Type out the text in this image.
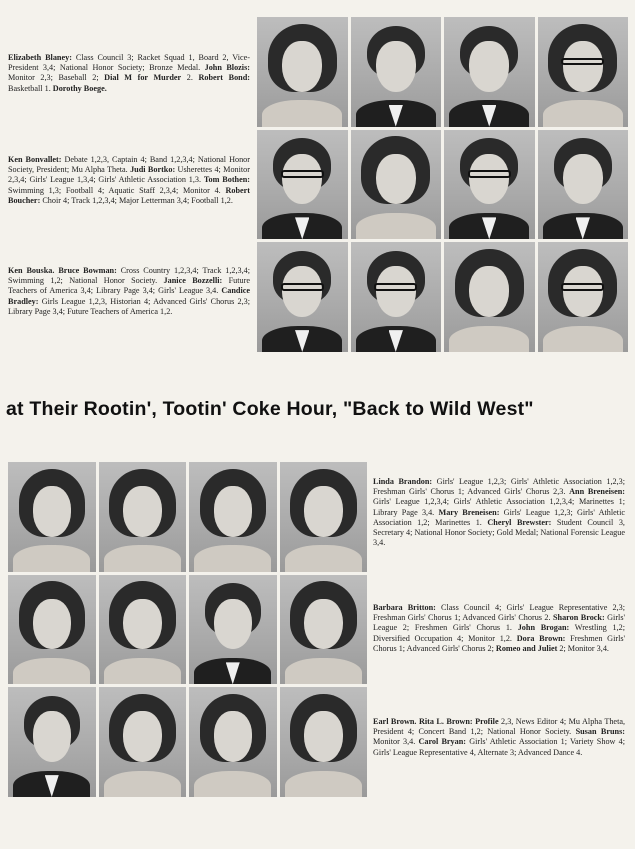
Elizabeth Blaney: Class Council 3; Racket Squad 1, Board 2, Vice-President 3,4; National Honor Society; Bronze Medal. John Blozis: Monitor 2,3; Baseball 2; Dial M for Murder 2. Robert Bond: Basketball 1. Dorothy Boege.
Ken Bonvallet: Debate 1,2,3, Captain 4; Band 1,2,3,4; National Honor Society, President; Mu Alpha Theta. Judi Bortko: Usherettes 4; Monitor 2,3,4; Girls' League 1,3,4; Girls' Athletic Association 1,3. Tom Bothen: Swimming 1,3; Football 4; Aquatic Staff 2,3,4; Monitor 4. Robert Boucher: Choir 4; Track 1,2,3,4; Major Letterman 3,4; Football 1,2.
Ken Bouska. Bruce Bowman: Cross Country 1,2,3,4; Track 1,2,3,4; Swimming 1,2; National Honor Society. Janice Bozzelli: Future Teachers of America 3,4; Library Page 3,4; Girls' League 3,4. Candice Bradley: Girls League 1,2,3, Historian 4; Advanced Girls' Chorus 2,3; Library Page 3,4; Future Teachers of America 1,2.
at Their Rootin', Tootin' Coke Hour, "Back to Wild West"
Linda Brandon: Girls' League 1,2,3; Girls' Athletic Association 1,2,3; Freshman Girls' Chorus 1; Advanced Girls' Chorus 2,3. Ann Breneisen: Girls' League 1,2,3,4; Girls' Athletic Association 1,2,3,4; Marinettes 1; Library Page 3,4. Mary Breneisen: Girls' League 1,2,3; Girls' Athletic Association 1,2; Marinettes 1. Cheryl Brewster: Student Council 3, Secretary 4; National Honor Society; Gold Medal; National Forensic League 3,4.
Barbara Britton: Class Council 4; Girls' League Representative 2,3; Freshman Girls' Chorus 1; Advanced Girls' Chorus 2. Sharon Brock: Girls' League 2; Freshmen Girls' Chorus 1. John Brogan: Wrestling 1,2; Diversified Occupation 4; Monitor 1,2. Dora Brown: Freshmen Girls' Chorus 1; Advanced Girls' Chorus 2; Romeo and Juliet 2; Monitor 3,4.
Earl Brown. Rita L. Brown: Profile 2,3, News Editor 4; Mu Alpha Theta, President 4; Concert Band 1,2; National Honor Society. Susan Bruns: Monitor 3,4. Carol Bryan: Girls' Athletic Association 1; Variety Show 4; Girls' League Representative 4, Alternate 3; Advanced Dance 4.
